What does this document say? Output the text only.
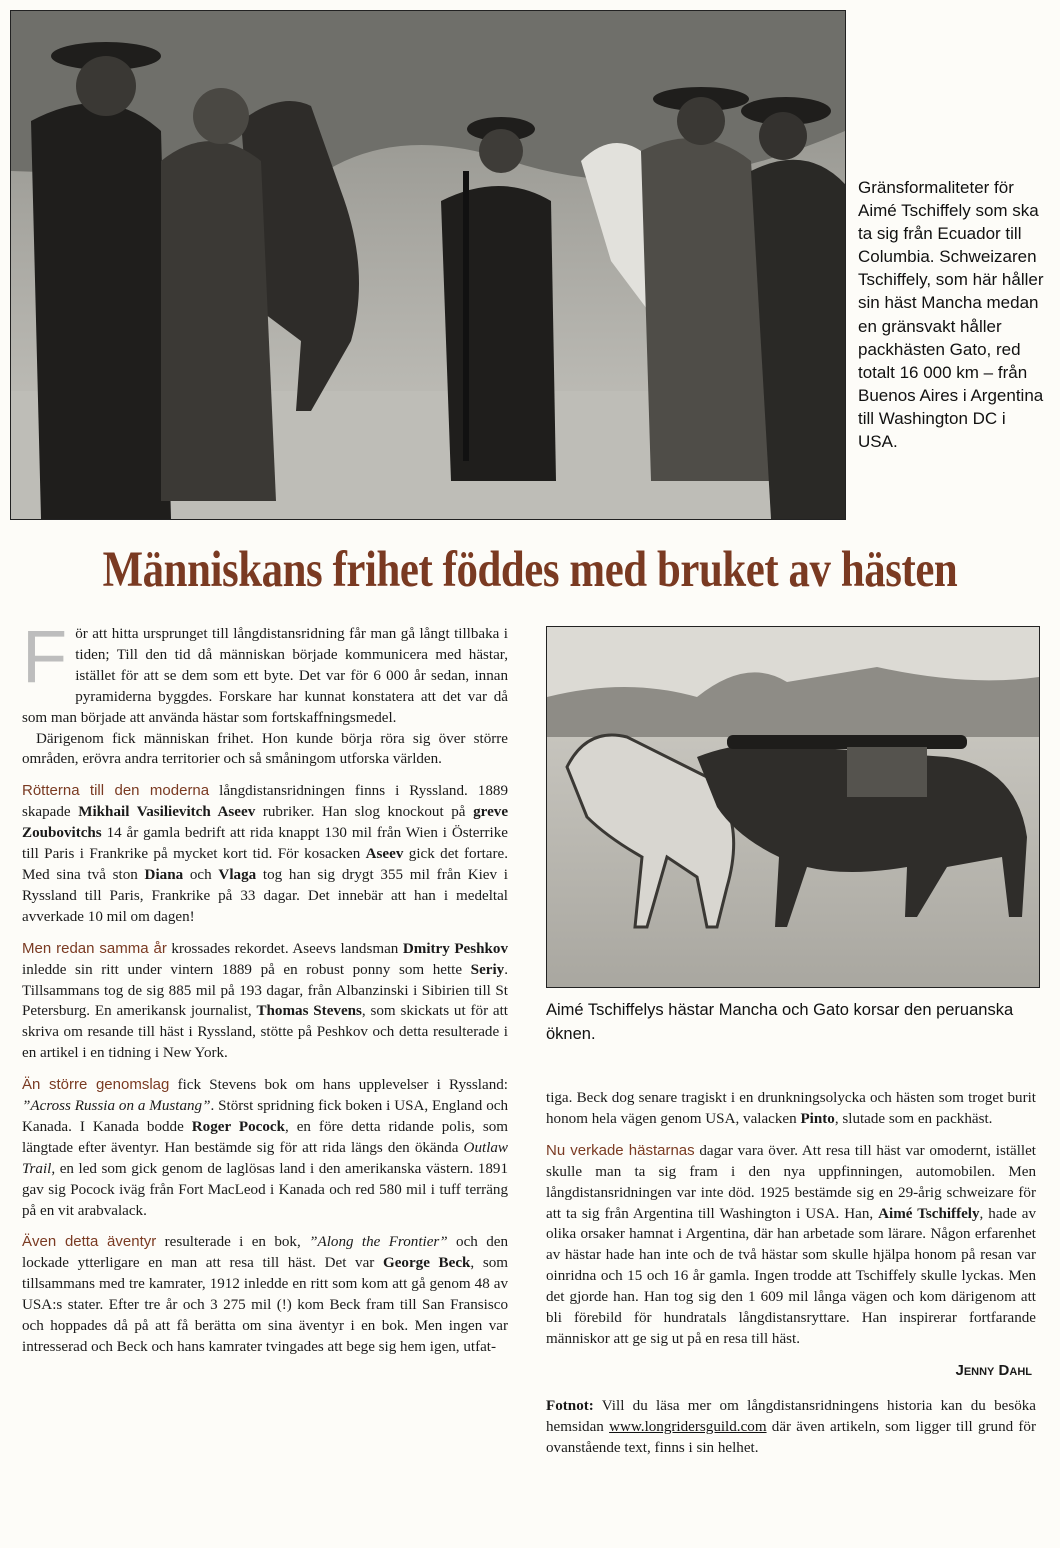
Gränsformaliteter för Aimé Tschiffely som ska ta sig från Ecuador till Columbia. Schweizaren Tschiffely, som här håller sin häst Mancha medan en gränsvakt håller packhästen Gato, red totalt 16 000 km – från Buenos Aires i Argentina till Washington DC i USA.
Människans frihet föddes med bruket av hästen

För att hitta ursprunget till långdistansridning får man gå långt tillbaka i tiden; Till den tid då människan började kommunicera med hästar, istället för att se dem som ett byte. Det var för 6 000 år sedan, innan pyramiderna byggdes. Forskare har kunnat konstatera att det var då som man började att använda hästar som fortskaffningsmedel.

Därigenom fick människan frihet. Hon kunde börja röra sig över större områden, erövra andra territorier och så småningom utforska världen.

Rötterna till den moderna långdistansridningen finns i Ryssland. 1889 skapade Mikhail Vasilievitch Aseev rubriker. Han slog knockout på greve Zoubovitchs 14 år gamla bedrift att rida knappt 130 mil från Wien i Österrike till Paris i Frankrike på mycket kort tid. För kosacken Aseev gick det fortare. Med sina två ston Diana och Vlaga tog han sig drygt 355 mil från Kiev i Ryssland till Paris, Frankrike på 33 dagar. Det innebär att han i medeltal avverkade 10 mil om dagen!

Men redan samma år krossades rekordet. Aseevs landsman Dmitry Peshkov inledde sin ritt under vintern 1889 på en robust ponny som hette Seriy. Tillsammans tog de sig 885 mil på 193 dagar, från Albanzinski i Sibirien till St Petersburg. En amerikansk journalist, Thomas Stevens, som skickats ut för att skriva om resande till häst i Ryssland, stötte på Peshkov och detta resulterade i en artikel i en tidning i New York.

Än större genomslag fick Stevens bok om hans upplevelser i Ryssland: ”Across Russia on a Mustang”. Störst spridning fick boken i USA, England och Kanada. I Kanada bodde Roger Pocock, en före detta ridande polis, som längtade efter äventyr. Han bestämde sig för att rida längs den ökända Outlaw Trail, en led som gick genom de laglösas land i den amerikanska västern. 1891 gav sig Pocock iväg från Fort MacLeod i Kanada och red 580 mil i tuff terräng på en vit arabvalack.

Även detta äventyr resulterade i en bok, ”Along the Frontier” och den lockade ytterligare en man att resa till häst. Det var George Beck, som tillsammans med tre kamrater, 1912 inledde en ritt som kom att gå genom 48 av USA:s stater. Efter tre år och 3 275 mil (!) kom Beck fram till San Fransisco och hoppades då på att få berätta om sina äventyr i en bok. Men ingen var intresserad och Beck och hans kamrater tvingades att bege sig hem igen, utfat-

Aimé Tschiffelys hästar Mancha och Gato korsar den peruanska öknen.

tiga. Beck dog senare tragiskt i en drunkningsolycka och hästen som troget burit honom hela vägen genom USA, valacken Pinto, slutade som en packhäst.

Nu verkade hästarnas dagar vara över. Att resa till häst var omodernt, istället skulle man ta sig fram i den nya uppfinningen, automobilen. Men långdistansridningen var inte död. 1925 bestämde sig en 29-årig schweizare för att ta sig från Argentina till Washington i USA. Han, Aimé Tschiffely, hade av olika orsaker hamnat i Argentina, där han arbetade som lärare. Någon erfarenhet av hästar hade han inte och de två hästar som skulle hjälpa honom på resan var oinridna och 15 och 16 år gamla. Ingen trodde att Tschiffely skulle lyckas. Men det gjorde han. Han tog sig den 1 609 mil långa vägen och kom därigenom att bli förebild för hundratals långdistansryttare. Han inspirerar fortfarande människor att ge sig ut på en resa till häst.

Jenny Dahl

Fotnot: Vill du läsa mer om långdistansridningens historia kan du besöka hemsidan www.longridersguild.com där även artikeln, som ligger till grund för ovanstående text, finns i sin helhet.
